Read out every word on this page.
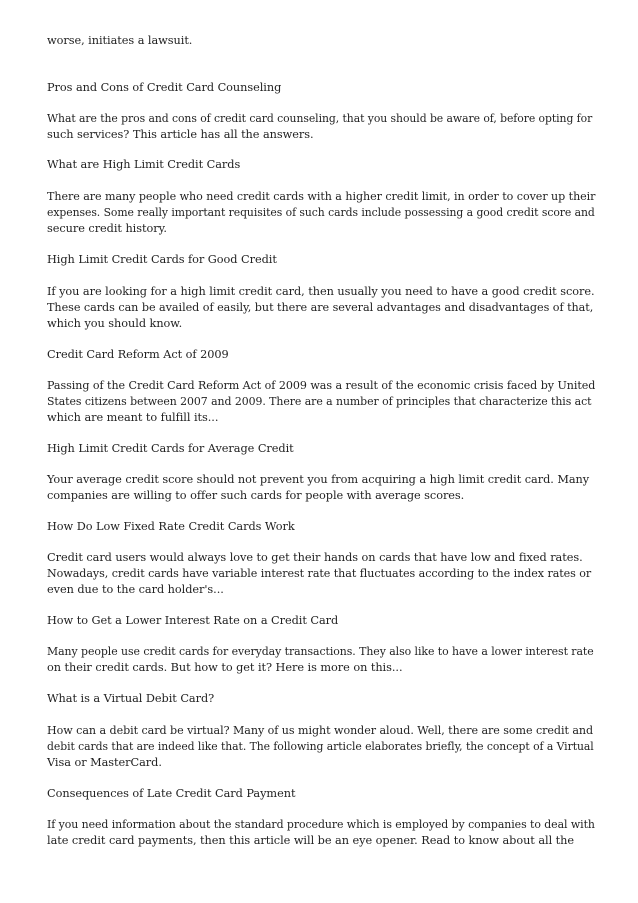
worse, initiates a lawsuit.
Pros and Cons of Credit Card Counseling
What are the pros and cons of credit card counseling, that you should be aware of, before opting for
such services? This article has all the answers.
What are High Limit Credit Cards
There are many people who need credit cards with a higher credit limit, in order to cover up their
expenses. Some really important requisites of such cards include possessing a good credit score and
secure credit history.
High Limit Credit Cards for Good Credit
If you are looking for a high limit credit card, then usually you need to have a good credit score.
These cards can be availed of easily, but there are several advantages and disadvantages of that,
which you should know.
Credit Card Reform Act of 2009
Passing of the Credit Card Reform Act of 2009 was a result of the economic crisis faced by United
States citizens between 2007 and 2009. There are a number of principles that characterize this act
which are meant to fulfill its...
High Limit Credit Cards for Average Credit
Your average credit score should not prevent you from acquiring a high limit credit card. Many
companies are willing to offer such cards for people with average scores.
How Do Low Fixed Rate Credit Cards Work
Credit card users would always love to get their hands on cards that have low and fixed rates.
Nowadays, credit cards have variable interest rate that fluctuates according to the index rates or
even due to the card holder's...
How to Get a Lower Interest Rate on a Credit Card
Many people use credit cards for everyday transactions. They also like to have a lower interest rate
on their credit cards. But how to get it? Here is more on this...
What is a Virtual Debit Card?
How can a debit card be virtual? Many of us might wonder aloud. Well, there are some credit and
debit cards that are indeed like that. The following article elaborates briefly, the concept of a Virtual
Visa or MasterCard.
Consequences of Late Credit Card Payment
If you need information about the standard procedure which is employed by companies to deal with
late credit card payments, then this article will be an eye opener. Read to know about all the
